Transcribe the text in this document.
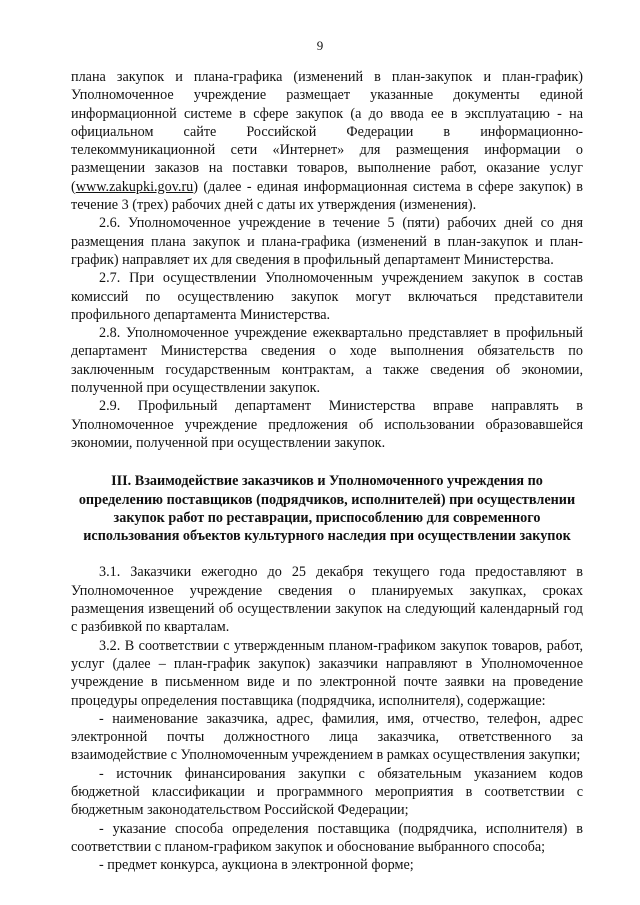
9

плана закупок и плана-графика (изменений в план-закупок и план-график) Уполномоченное учреждение размещает указанные документы единой информационной системе в сфере закупок (а до ввода ее в эксплуатацию - на официальном сайте Российской Федерации в информационно-телекоммуникационной сети «Интернет» для размещения информации о размещении заказов на поставки товаров, выполнение работ, оказание услуг (www.zakupki.gov.ru) (далее - единая информационная система в сфере закупок) в течение 3 (трех) рабочих дней с даты их утверждения (изменения).

2.6. Уполномоченное учреждение в течение 5 (пяти) рабочих дней со дня размещения плана закупок и плана-графика (изменений в план-закупок и план-график) направляет их для сведения в профильный департамент Министерства.

2.7. При осуществлении Уполномоченным учреждением закупок в состав комиссий по осуществлению закупок могут включаться представители профильного департамента Министерства.

2.8. Уполномоченное учреждение ежеквартально представляет в профильный департамент Министерства сведения о ходе выполнения обязательств по заключенным государственным контрактам, а также сведения об экономии, полученной при осуществлении закупок.

2.9. Профильный департамент Министерства вправе направлять в Уполномоченное учреждение предложения об использовании образовавшейся экономии, полученной при осуществлении закупок.

III. Взаимодействие заказчиков и Уполномоченного учреждения по определению поставщиков (подрядчиков, исполнителей) при осуществлении закупок работ по реставрации, приспособлению для современного использования объектов культурного наследия при осуществлении закупок

3.1. Заказчики ежегодно до 25 декабря текущего года предоставляют в Уполномоченное учреждение сведения о планируемых закупках, сроках размещения извещений об осуществлении закупок на следующий календарный год с разбивкой по кварталам.

3.2. В соответствии с утвержденным планом-графиком закупок товаров, работ, услуг (далее – план-график закупок) заказчики направляют в Уполномоченное учреждение в письменном виде и по электронной почте заявки на проведение процедуры определения поставщика (подрядчика, исполнителя), содержащие:

- наименование заказчика, адрес, фамилия, имя, отчество, телефон, адрес электронной почты должностного лица заказчика, ответственного за взаимодействие с Уполномоченным учреждением в рамках осуществления закупки;

- источник финансирования закупки с обязательным указанием кодов бюджетной классификации и программного мероприятия в соответствии с бюджетным законодательством Российской Федерации;

- указание способа определения поставщика (подрядчика, исполнителя) в соответствии с планом-графиком закупок и обоснование выбранного способа;

- предмет конкурса, аукциона в электронной форме;
